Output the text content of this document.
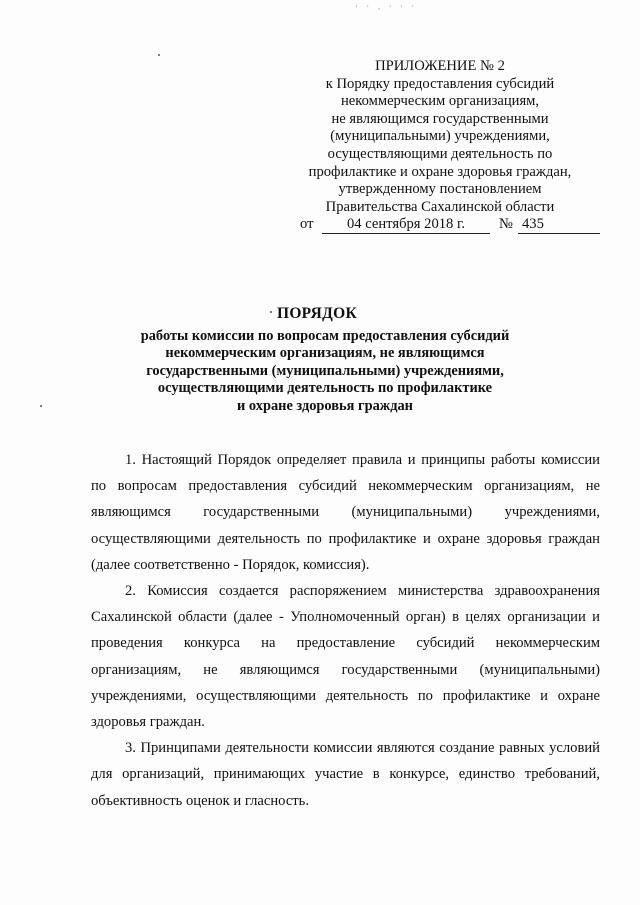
˙ ˙ · ˙ ˙ ˙
ПРИЛОЖЕНИЕ № 2
к Порядку предоставления субсидий
некоммерческим организациям,
не являющимся государственными
(муниципальными) учреждениями,
осуществляющими деятельность по
профилактике и охране здоровья граждан,
утвержденному постановлением
Правительства Сахалинской области
от	04 сентября 2018 г.	№ 435
ПОРЯДОК
работы комиссии по вопросам предоставления субсидий
некоммерческим организациям, не являющимся
государственными (муниципальными) учреждениями,
осуществляющими деятельность по профилактике
и охране здоровья граждан

1. Настоящий Порядок определяет правила и принципы работы комиссии по вопросам предоставления субсидий некоммерческим организациям, не являющимся государственными (муниципальными) учреждениями, осуществляющими деятельность по профилактике и охране здоровья граждан (далее соответственно - Порядок, комиссия).

2. Комиссия создается распоряжением министерства здравоохранения Сахалинской области (далее - Уполномоченный орган) в целях организации и проведения конкурса на предоставление субсидий некоммерческим организациям, не являющимся государственными (муниципальными) учреждениями, осуществляющими деятельность по профилактике и охране здоровья граждан.

3. Принципами деятельности комиссии являются создание равных условий для организаций, принимающих участие в конкурсе, единство требований, объективность оценок и гласность.
